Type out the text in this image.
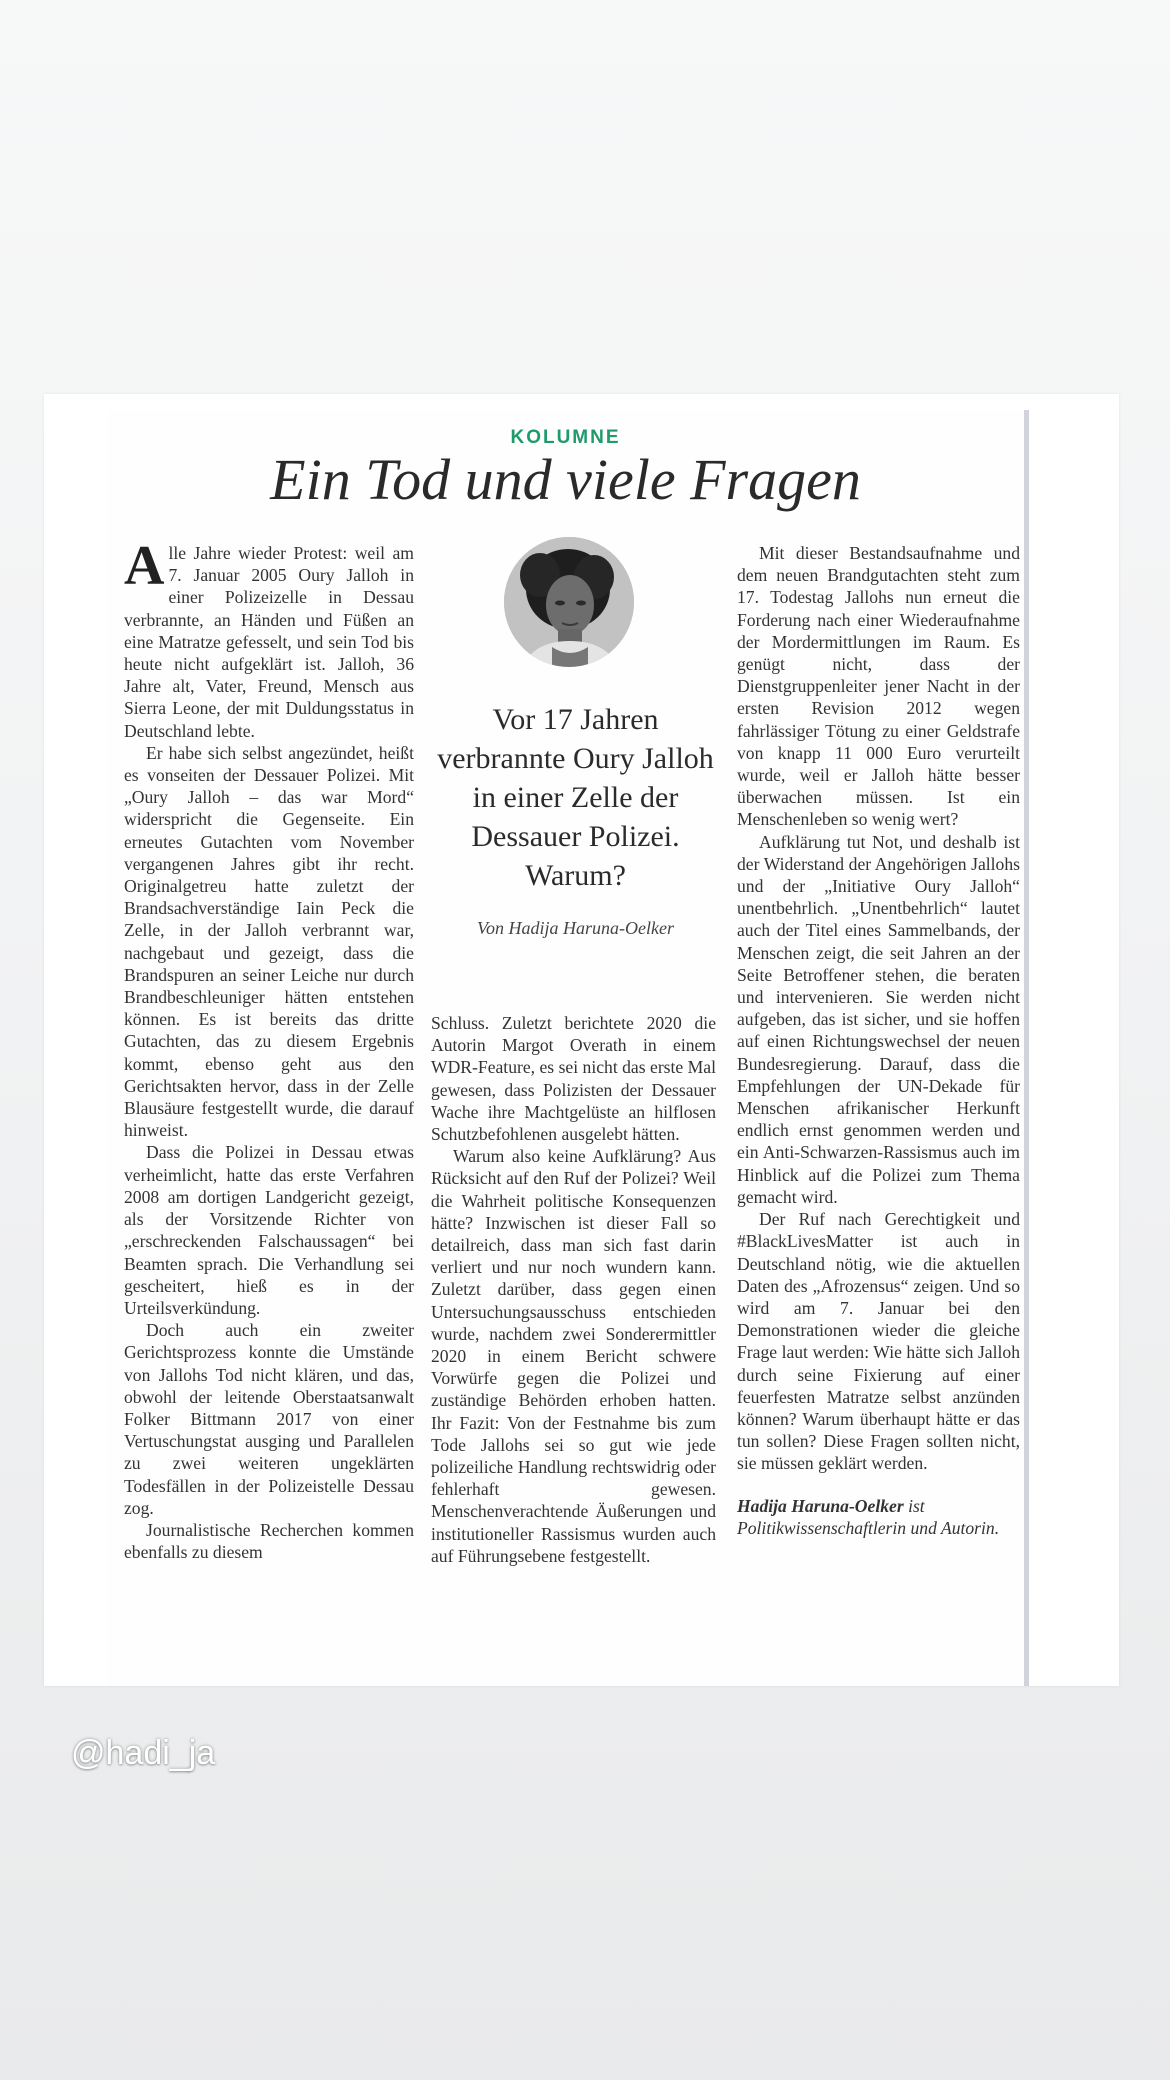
KOLUMNE
Ein Tod und viele Fragen

Alle Jahre wieder Protest: weil am 7. Januar 2005 Oury Jalloh in einer Polizeizelle in Dessau verbrannte, an Händen und Füßen an eine Matratze gefesselt, und sein Tod bis heute nicht aufgeklärt ist. Jalloh, 36 Jahre alt, Vater, Freund, Mensch aus Sierra Leone, der mit Duldungsstatus in Deutschland lebte.

Er habe sich selbst angezündet, heißt es vonseiten der Dessauer Polizei. Mit „Oury Jalloh – das war Mord“ widerspricht die Gegenseite. Ein erneutes Gutachten vom November vergangenen Jahres gibt ihr recht. Originalgetreu hatte zuletzt der Brandsachverständige Iain Peck die Zelle, in der Jalloh verbrannt war, nachgebaut und gezeigt, dass die Brandspuren an seiner Leiche nur durch Brandbeschleuniger hätten entstehen können. Es ist bereits das dritte Gutachten, das zu diesem Ergebnis kommt, ebenso geht aus den Gerichtsakten hervor, dass in der Zelle Blausäure festgestellt wurde, die darauf hinweist.

Dass die Polizei in Dessau etwas verheimlicht, hatte das erste Verfahren 2008 am dortigen Landgericht gezeigt, als der Vorsitzende Richter von „erschreckenden Falschaussagen“ bei Beamten sprach. Die Verhandlung sei gescheitert, hieß es in der Urteilsverkündung.

Doch auch ein zweiter Gerichtsprozess konnte die Umstände von Jallohs Tod nicht klären, und das, obwohl der leitende Oberstaatsanwalt Folker Bittmann 2017 von einer Vertuschungstat ausging und Parallelen zu zwei weiteren ungeklärten Todesfällen in der Polizeistelle Dessau zog.

Journalistische Recherchen kommen ebenfalls zu diesem

Vor 17 Jahren verbrannte Oury Jalloh in einer Zelle der Dessauer Polizei. Warum?
Von Hadija Haruna-Oelker

Schluss. Zuletzt berichtete 2020 die Autorin Margot Overath in einem WDR-Feature, es sei nicht das erste Mal gewesen, dass Polizisten der Dessauer Wache ihre Machtgelüste an hilflosen Schutzbefohlenen ausgelebt hätten.

Warum also keine Aufklärung? Aus Rücksicht auf den Ruf der Polizei? Weil die Wahrheit politische Konsequenzen hätte? Inzwischen ist dieser Fall so detailreich, dass man sich fast darin verliert und nur noch wundern kann. Zuletzt darüber, dass gegen einen Untersuchungsausschuss entschieden wurde, nachdem zwei Sonderermittler 2020 in einem Bericht schwere Vorwürfe gegen die Polizei und zuständige Behörden erhoben hatten. Ihr Fazit: Von der Festnahme bis zum Tode Jallohs sei so gut wie jede polizeiliche Handlung rechtswidrig oder fehlerhaft gewesen. Menschenverachtende Äußerungen und institutioneller Rassismus wurden auch auf Führungsebene festgestellt.

Mit dieser Bestandsaufnahme und dem neuen Brandgutachten steht zum 17. Todestag Jallohs nun erneut die Forderung nach einer Wiederaufnahme der Mordermittlungen im Raum. Es genügt nicht, dass der Dienstgruppenleiter jener Nacht in der ersten Revision 2012 wegen fahrlässiger Tötung zu einer Geldstrafe von knapp 11 000 Euro verurteilt wurde, weil er Jalloh hätte besser überwachen müssen. Ist ein Menschenleben so wenig wert?

Aufklärung tut Not, und deshalb ist der Widerstand der Angehörigen Jallohs und der „Initiative Oury Jalloh“ unentbehrlich. „Unentbehrlich“ lautet auch der Titel eines Sammelbands, der Menschen zeigt, die seit Jahren an der Seite Betroffener stehen, die beraten und intervenieren. Sie werden nicht aufgeben, das ist sicher, und sie hoffen auf einen Richtungswechsel der neuen Bundesregierung. Darauf, dass die Empfehlungen der UN-Dekade für Menschen afrikanischer Herkunft endlich ernst genommen werden und ein Anti-Schwarzen-Rassismus auch im Hinblick auf die Polizei zum Thema gemacht wird.

Der Ruf nach Gerechtigkeit und #BlackLivesMatter ist auch in Deutschland nötig, wie die aktuellen Daten des „Afrozensus“ zeigen. Und so wird am 7. Januar bei den Demonstrationen wieder die gleiche Frage laut werden: Wie hätte sich Jalloh durch seine Fixierung auf einer feuerfesten Matratze selbst anzünden können? Warum überhaupt hätte er das tun sollen? Diese Fragen sollten nicht, sie müssen geklärt werden.

Hadija Haruna-Oelker ist Politikwissenschaftlerin und Autorin.

@hadi_ja
